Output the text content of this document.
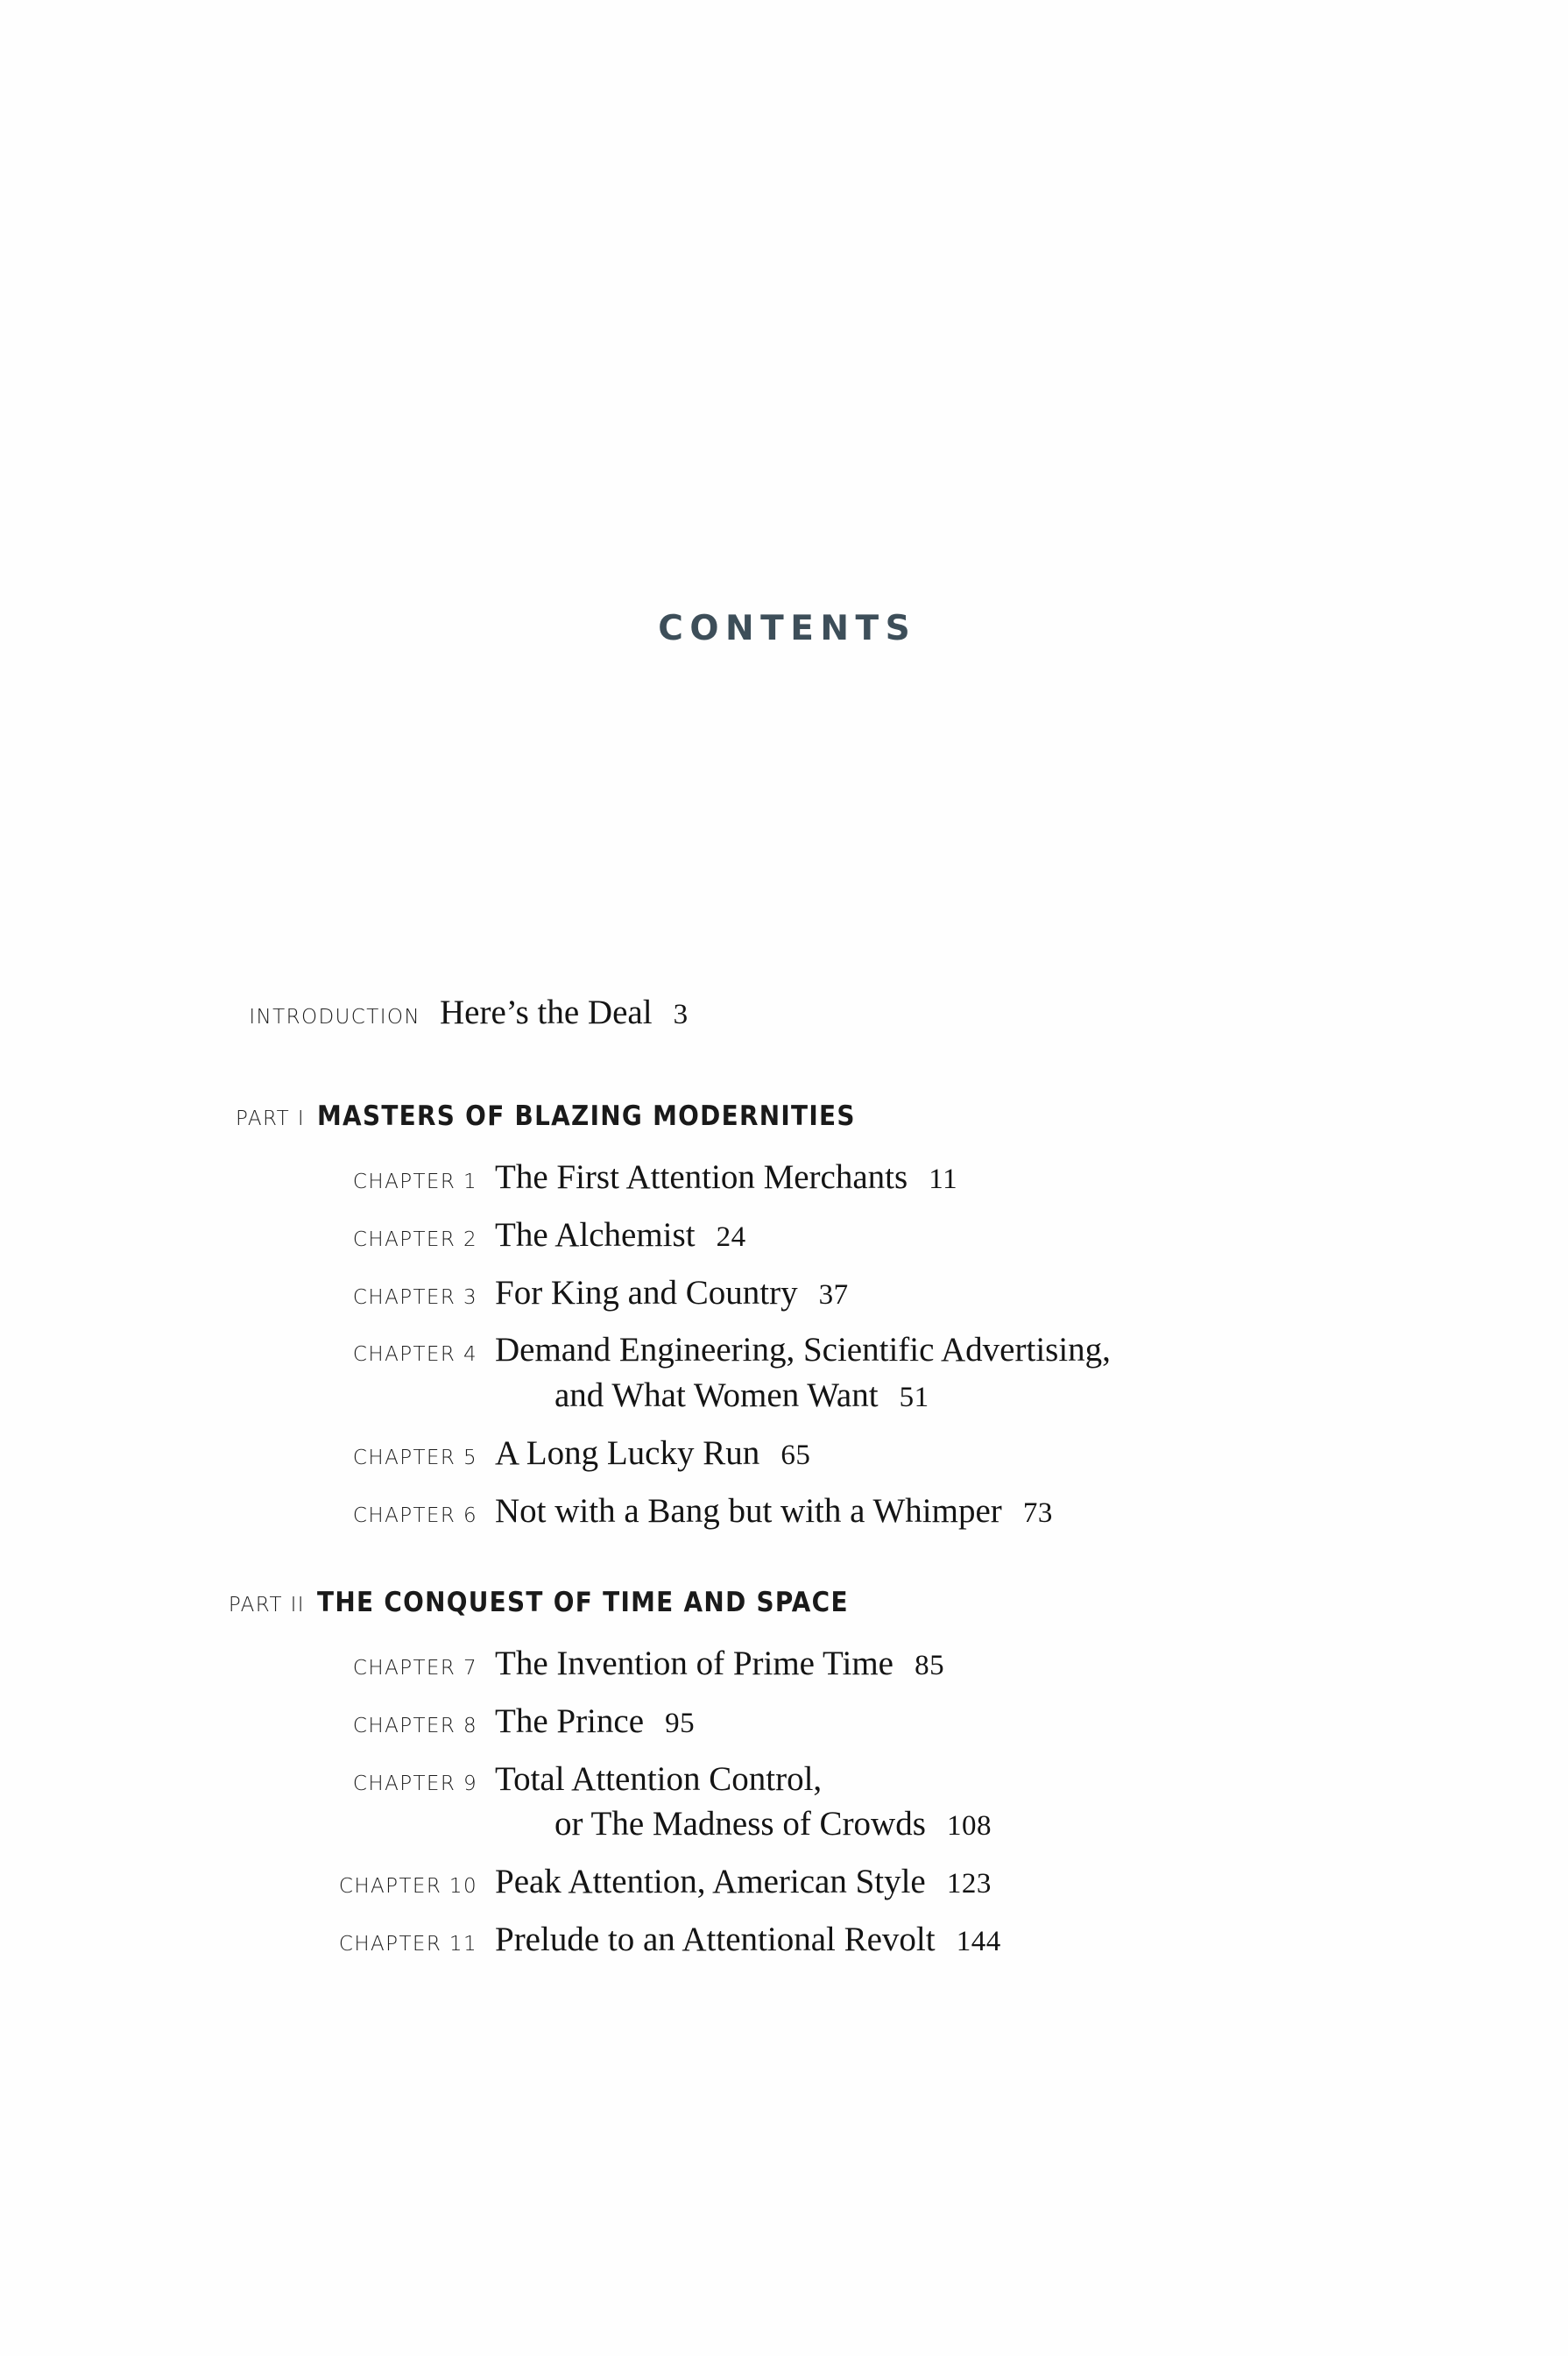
CONTENTS
INTRODUCTION Here’s the Deal  3
PART I MASTERS OF BLAZING MODERNITIES
CHAPTER 1 The First Attention Merchants  11
CHAPTER 2 The Alchemist  24
CHAPTER 3 For King and Country  37
CHAPTER 4 Demand Engineering, Scientific Advertising,
and What Women Want  51
CHAPTER 5 A Long Lucky Run  65
CHAPTER 6 Not with a Bang but with a Whimper  73
PART II THE CONQUEST OF TIME AND SPACE
CHAPTER 7 The Invention of Prime Time  85
CHAPTER 8 The Prince  95
CHAPTER 9 Total Attention Control,
or The Madness of Crowds  108
CHAPTER 10 Peak Attention, American Style  123
CHAPTER 11 Prelude to an Attentional Revolt  144
